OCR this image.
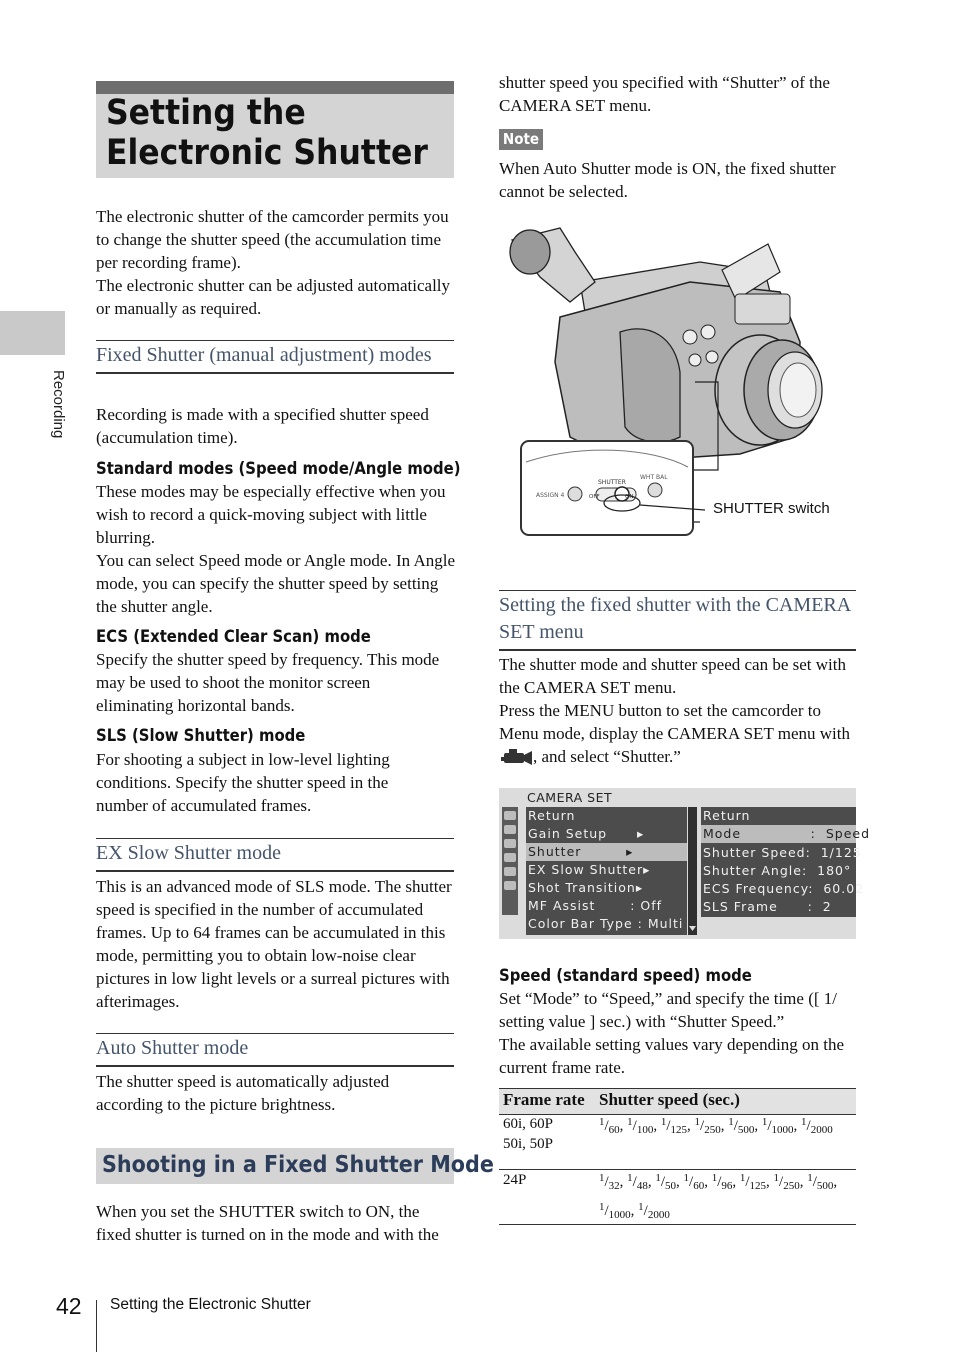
Recording
Setting the Electronic Shutter

The electronic shutter of the camcorder permits you to change the shutter speed (the accumulation time per recording frame).

The electronic shutter can be adjusted automatically or manually as required.

Fixed Shutter (manual adjustment) modes
Recording is made with a specified shutter speed (accumulation time).
Standard modes (Speed mode/Angle mode)

These modes may be especially effective when you wish to record a quick-moving subject with little blurring.

You can select Speed mode or Angle mode. In Angle mode, you can specify the shutter speed by setting the shutter angle.

ECS (Extended Clear Scan) mode
Specify the shutter speed by frequency. This mode may be used to shoot the monitor screen eliminating horizontal bands.
SLS (Slow Shutter) mode
For shooting a subject in low-level lighting conditions. Specify the shutter speed in the number of accumulated frames.
EX Slow Shutter mode
This is an advanced mode of SLS mode. The shutter speed is specified in the number of accumulated frames. Up to 64 frames can be accumulated in this mode, permitting you to obtain low-noise clear pictures in low light levels or a surreal pictures with afterimages.
Auto Shutter mode
The shutter speed is automatically adjusted according to the picture brightness.
Shooting in a Fixed Shutter Mode
When you set the SHUTTER switch to ON, the fixed shutter is turned on in the mode and with the
shutter speed you specified with “Shutter” of the CAMERA SET menu.
Note
When Auto Shutter mode is ON, the fixed shutter cannot be selected.
SHUTTER
ASSIGN 4
WHT BAL
OFF	ON
SHUTTER switch
Setting the fixed shutter with the CAMERA SET menu

The shutter mode and shutter speed can be set with the CAMERA SET menu.

Press the MENU button to set the camcorder to Menu mode, display the CAMERA SET menu with , and select “Shutter.”

CAMERA SET
Return
Gain Setup      ▸
Shutter         ▸
EX Slow Shutter▸
Shot Transition▸
MF Assist       : Off
Color Bar Type : Multi
Return
Mode              :  Speed
Shutter Speed:  1/125
Shutter Angle:  180°
ECS Frequency:  60.02
SLS Frame      :  2
Speed (standard speed) mode

Set “Mode” to “Speed,” and specify the time ([ 1/ setting value ] sec.) with “Shutter Speed.”

The available setting values vary depending on the current frame rate.

Frame rate Shutter speed (sec.)
60i, 60P
50i, 50P
$^1/_{60}$, $^1/_{100}$, $^1/_{125}$, $^1/_{250}$, $^1/_{500}$, $^1/_{1000}$, $^1/_{2000}$
24P	$^1/_{32}$, $^1/_{48}$, $^1/_{50}$, $^1/_{60}$, $^1/_{96}$, $^1/_{125}$, $^1/_{250}$, $^1/_{500}$, $^1/_{1000}$, $^1/_{2000}$
42 Setting the Electronic Shutter
